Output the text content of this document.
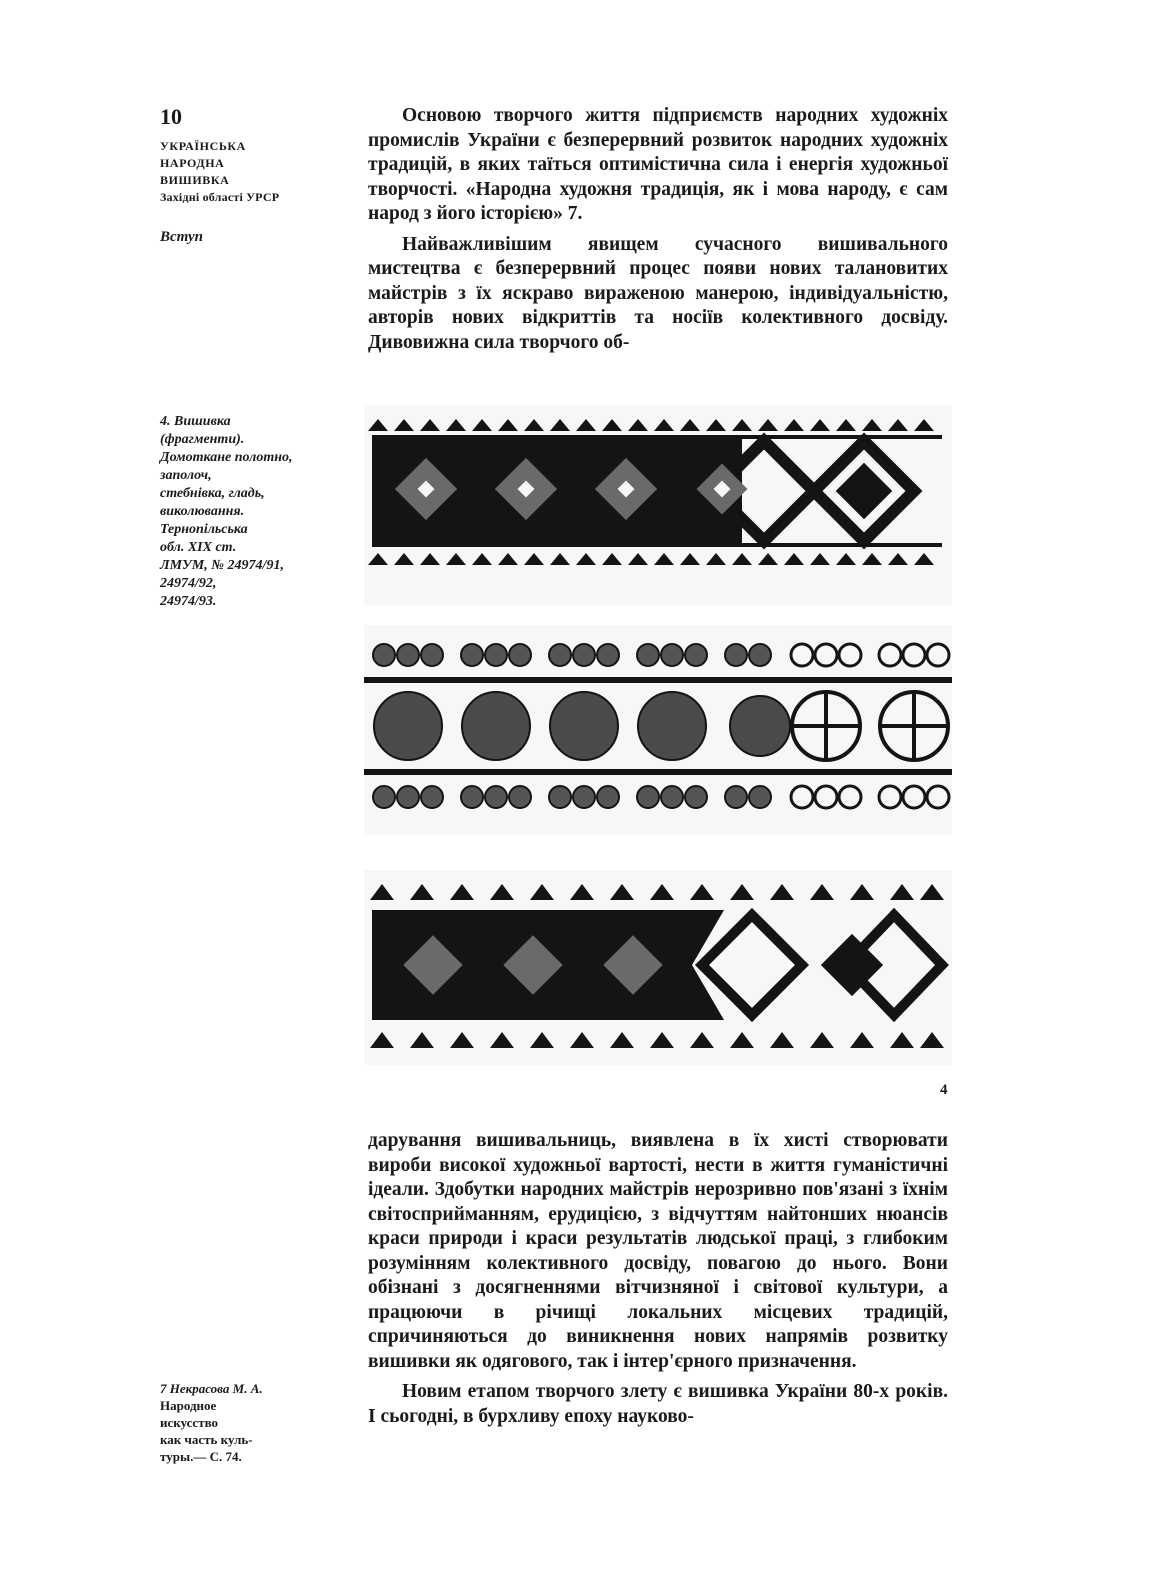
10
УКРАЇНСЬКА
НАРОДНА
ВИШИВКА
Західні області УРСР
Вступ

Основою творчого життя підприємств народних художніх промислів України є безперервний розвиток народних художніх традицій, в яких таїться оптимістична сила і енергія художньої творчості. «Народна художня традиція, як і мова народу, є сам народ з його історією» 7.

Найважливішим явищем сучасного вишивального мистецтва є безперервний процес появи нових талановитих майстрів з їх яскраво вираженою манерою, індивідуальністю, авторів нових відкриттів та носіїв колективного досвіду. Дивовижна сила творчого об-

4. Вишивка
(фрагменти).
Домоткане полотно,
заполоч,
стебнівка, гладь,
виколювання.
Тернопільська
обл. XIX ст.
ЛМУМ, № 24974/91,
24974/92,
24974/93.
4

дарування вишивальниць, виявлена в їх хисті створювати вироби високої художньої вартості, нести в життя гуманістичні ідеали. Здобутки народних майстрів нерозривно пов'язані з їхнім світосприйманням, ерудицією, з відчуттям найтонших нюансів краси природи і краси результатів людської праці, з глибоким розумінням колективного досвіду, повагою до нього. Вони обізнані з досягненнями вітчизняної і світової культури, а працюючи в річищі локальних місцевих традицій, спричиняються до виникнення нових напрямів розвитку вишивки як одягового, так і інтер'єрного призначення.

Новим етапом творчого злету є вишивка України 80-х років. І сьогодні, в бурхливу епоху науково-

7 Некрасова М. А.
Народное
искусство
как часть куль-
туры.— С. 74.
